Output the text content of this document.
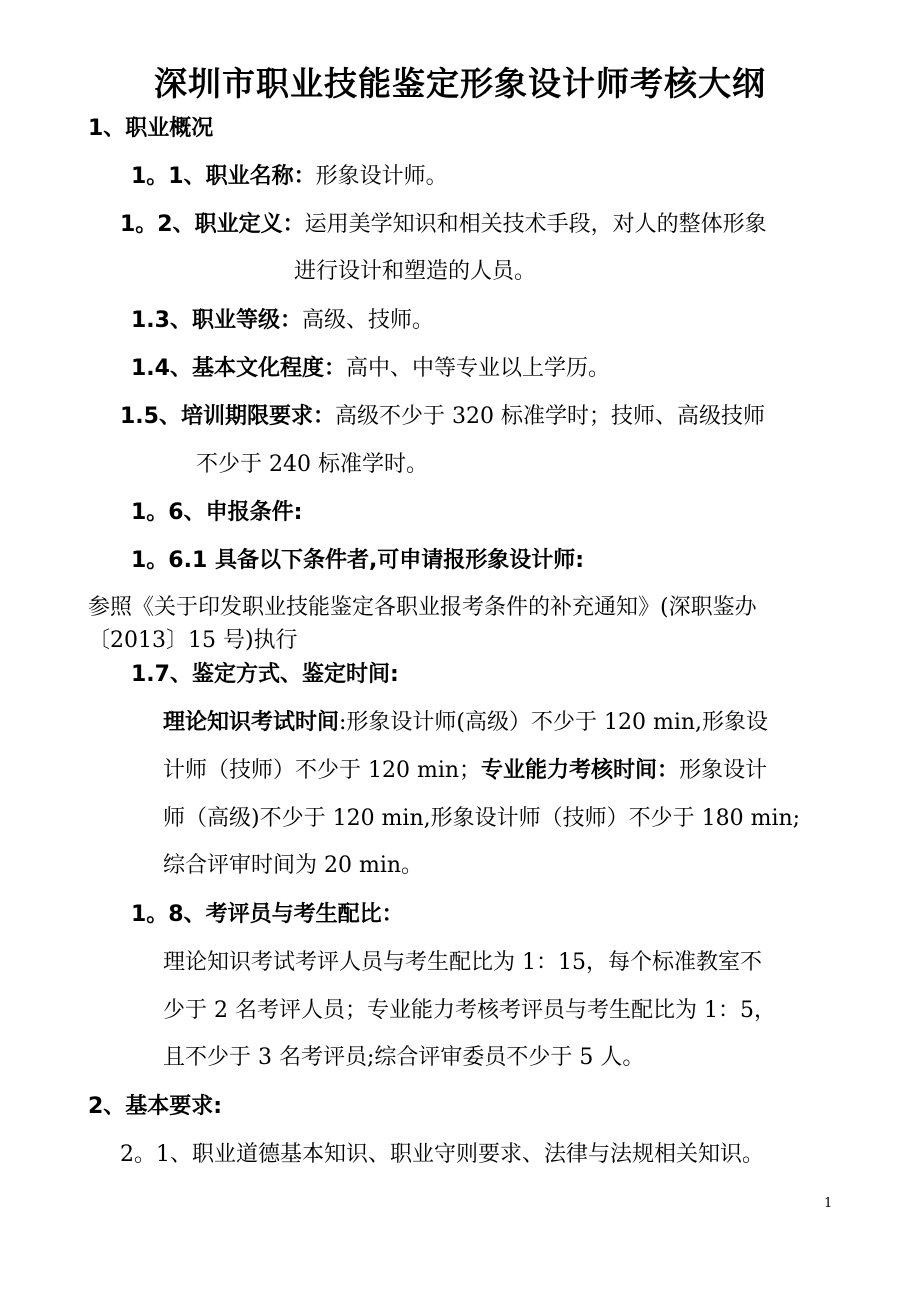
深圳市职业技能鉴定形象设计师考核大纲
1、职业概况
1。1、职业名称：形象设计师。
1。2、职业定义：运用美学知识和相关技术手段，对人的整体形象
进行设计和塑造的人员。
1.3、职业等级：高级、技师。
1.4、基本文化程度：高中、中等专业以上学历。
1.5、培训期限要求：高级不少于 320 标准学时；技师、高级技师
不少于 240 标准学时。
1。6、申报条件:
1。6.1 具备以下条件者,可申请报形象设计师:
参照《关于印发职业技能鉴定各职业报考条件的补充通知》(深职鉴办
〔2013〕15 号)执行
1.7、鉴定方式、鉴定时间:
理论知识考试时间:形象设计师(高级）不少于 120 min,形象设
计师（技师）不少于 120 min；专业能力考核时间：形象设计
师（高级)不少于 120 min,形象设计师（技师）不少于 180 min;
综合评审时间为 20 min。
1。8、考评员与考生配比：
理论知识考试考评人员与考生配比为 1：15，每个标准教室不
少于 2 名考评人员；专业能力考核考评员与考生配比为 1：5，
且不少于 3 名考评员;综合评审委员不少于 5 人。
2、基本要求:
2。1、职业道德基本知识、职业守则要求、法律与法规相关知识。
1
